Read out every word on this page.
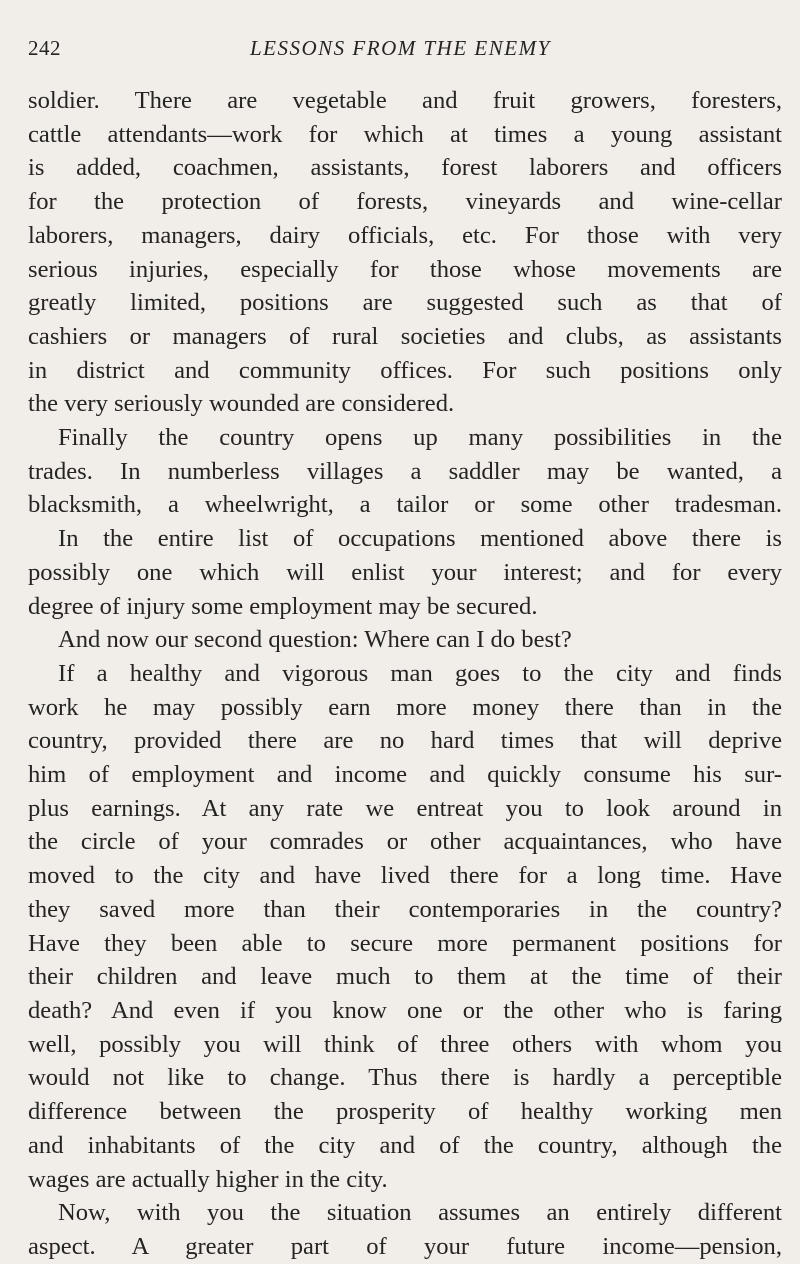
242	LESSONS FROM THE ENEMY

soldier. There are vegetable and fruit growers, foresters,

cattle attendants—work for which at times a young assistant

is added, coachmen, assistants, forest laborers and officers

for the protection of forests, vineyards and wine-cellar

laborers, managers, dairy officials, etc. For those with very

serious injuries, especially for those whose movements are

greatly limited, positions are suggested such as that of

cashiers or managers of rural societies and clubs, as assistants

in district and community offices. For such positions only

the very seriously wounded are considered.

Finally the country opens up many possibilities in the

trades. In numberless villages a saddler may be wanted, a

blacksmith, a wheelwright, a tailor or some other tradesman.

In the entire list of occupations mentioned above there is

possibly one which will enlist your interest; and for every

degree of injury some employment may be secured.

And now our second question: Where can I do best?

If a healthy and vigorous man goes to the city and finds

work he may possibly earn more money there than in the

country, provided there are no hard times that will deprive

him of employment and income and quickly consume his sur-

plus earnings. At any rate we entreat you to look around in

the circle of your comrades or other acquaintances, who have

moved to the city and have lived there for a long time. Have

they saved more than their contemporaries in the country?

Have they been able to secure more permanent positions for

their children and leave much to them at the time of their

death? And even if you know one or the other who is faring

well, possibly you will think of three others with whom you

would not like to change. Thus there is hardly a perceptible

difference between the prosperity of healthy working men

and inhabitants of the city and of the country, although the

wages are actually higher in the city.

Now, with you the situation assumes an entirely different

aspect. A greater part of your future income—pension,
